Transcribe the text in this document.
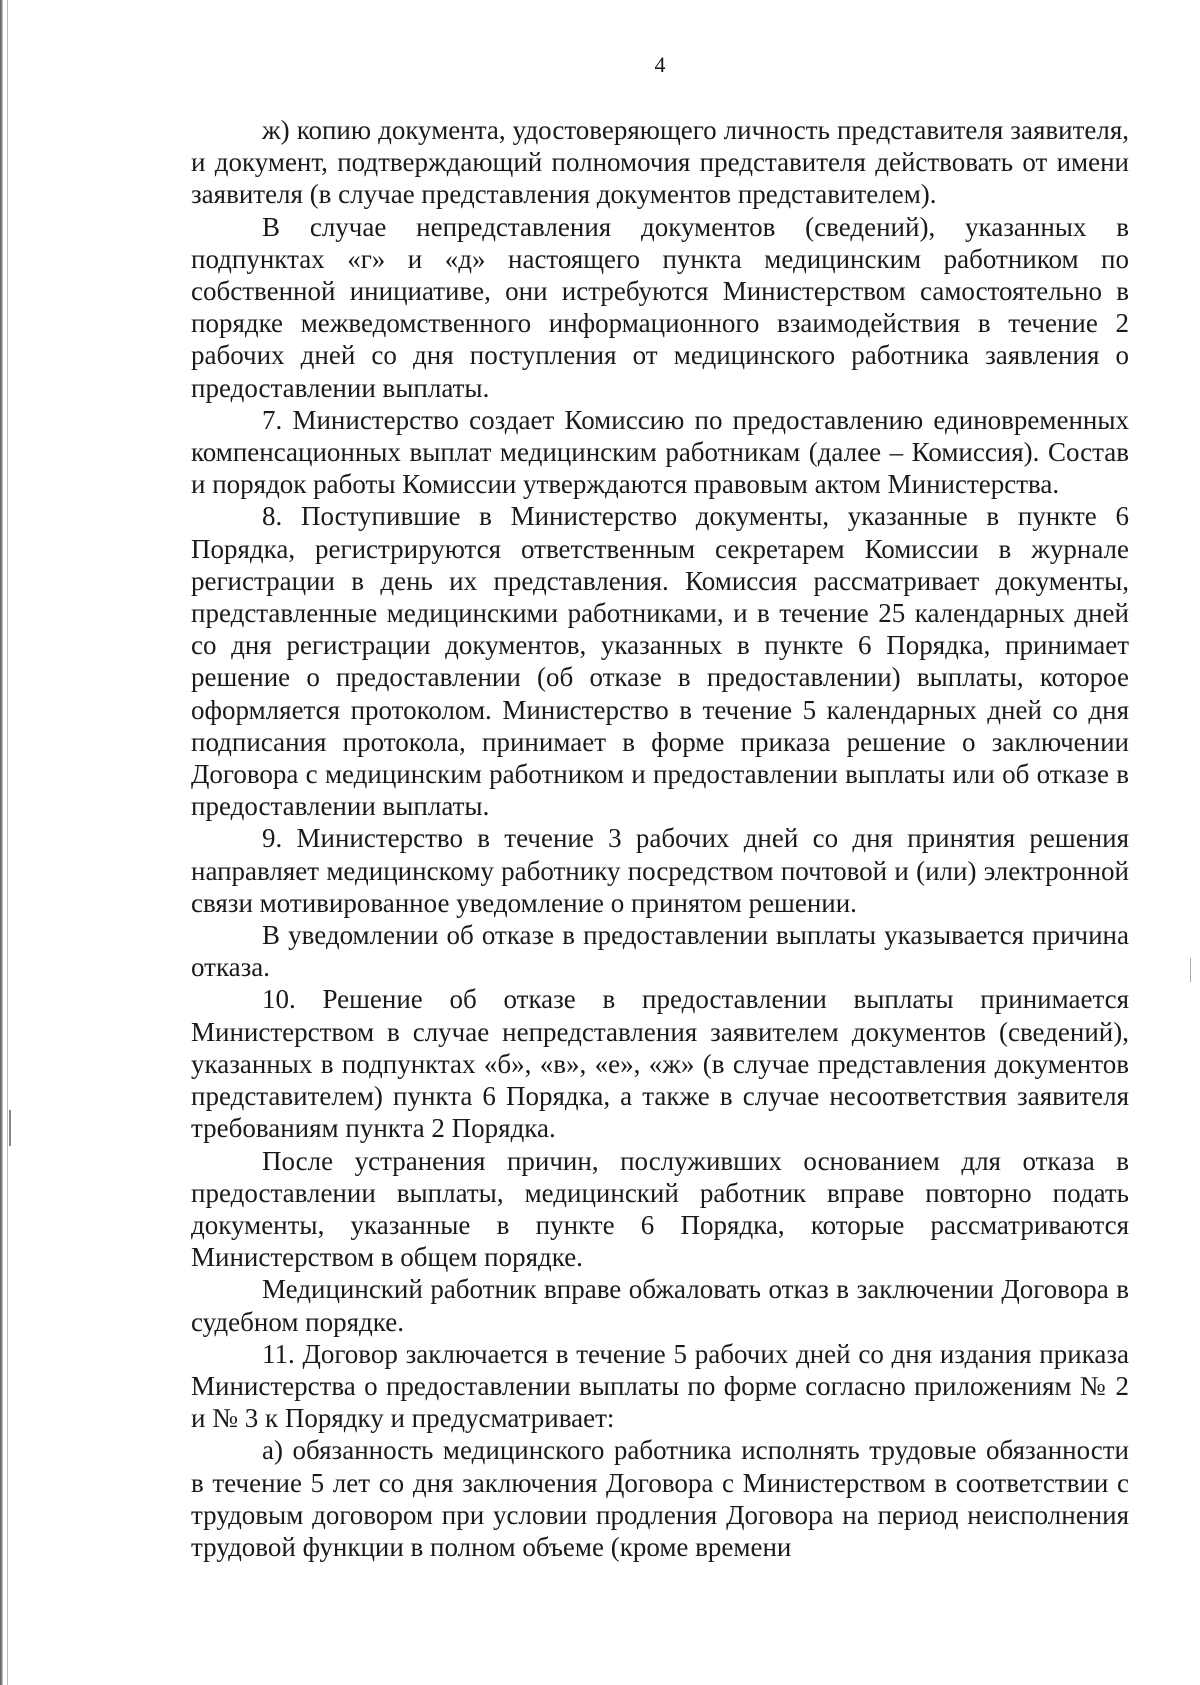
4

ж) копию документа, удостоверяющего личность представителя заявителя, и документ, подтверждающий полномочия представителя действовать от имени заявителя (в случае представления документов представителем).

В случае непредставления документов (сведений), указанных в подпунктах «г» и «д» настоящего пункта медицинским работником по собственной инициативе, они истребуются Министерством самостоятельно в порядке межведомственного информационного взаимодействия в течение 2 рабочих дней со дня поступления от медицинского работника заявления о предоставлении выплаты.

7. Министерство создает Комиссию по предоставлению единовременных компенсационных выплат медицинским работникам (далее – Комиссия). Состав и порядок работы Комиссии утверждаются правовым актом Министерства.

8. Поступившие в Министерство документы, указанные в пункте 6 Порядка, регистрируются ответственным секретарем Комиссии в журнале регистрации в день их представления. Комиссия рассматривает документы, представленные медицинскими работниками, и в течение 25 календарных дней со дня регистрации документов, указанных в пункте 6 Порядка, принимает решение о предоставлении (об отказе в предоставлении) выплаты, которое оформляется протоколом. Министерство в течение 5 календарных дней со дня подписания протокола, принимает в форме приказа решение о заключении Договора с медицинским работником и предоставлении выплаты или об отказе в предоставлении выплаты.

9. Министерство в течение 3 рабочих дней со дня принятия решения направляет медицинскому работнику посредством почтовой и (или) электронной связи мотивированное уведомление о принятом решении.

В уведомлении об отказе в предоставлении выплаты указывается причина отказа.

10. Решение об отказе в предоставлении выплаты принимается Министерством в случае непредставления заявителем документов (сведений), указанных в подпунктах «б», «в», «е», «ж» (в случае представления документов представителем) пункта 6 Порядка, а также в случае несоответствия заявителя требованиям пункта 2 Порядка.

После устранения причин, послуживших основанием для отказа в предоставлении выплаты, медицинский работник вправе повторно подать документы, указанные в пункте 6 Порядка, которые рассматриваются Министерством в общем порядке.

Медицинский работник вправе обжаловать отказ в заключении Договора в судебном порядке.

11. Договор заключается в течение 5 рабочих дней со дня издания приказа Министерства о предоставлении выплаты по форме согласно приложениям № 2 и № 3 к Порядку и предусматривает:

а) обязанность медицинского работника исполнять трудовые обязанности в течение 5 лет со дня заключения Договора с Министерством в соответствии с трудовым договором при условии продления Договора на период неисполнения трудовой функции в полном объеме (кроме времени
